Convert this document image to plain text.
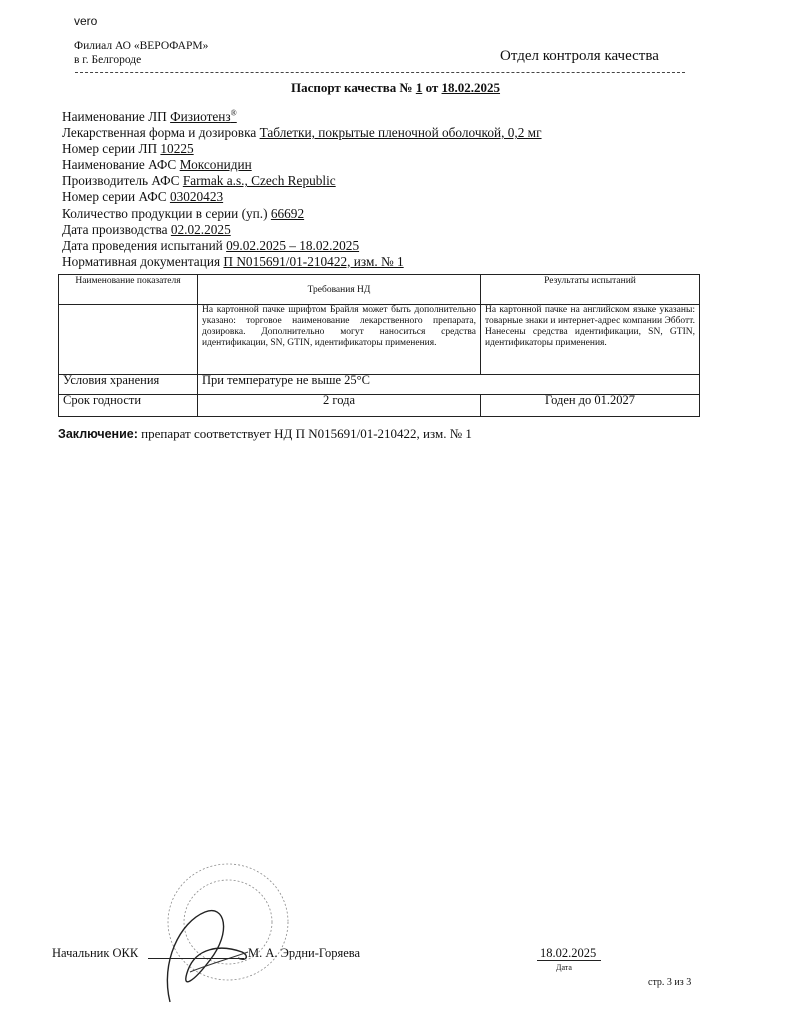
vero
Филиал АО «ВЕРОФАРМ»
в г. Белгороде	Отдел контроля качества
Паспорт качества № 1 от 18.02.2025
Наименование ЛП Физиотенз®
Лекарственная форма и дозировка Таблетки, покрытые пленочной оболочкой, 0,2 мг
Номер серии ЛП 10225
Наименование АФС Моксонидин
Производитель АФС Farmak a.s., Czech Republic
Номер серии АФС 03020423
Количество продукции в серии (уп.) 66692
Дата производства 02.02.2025
Дата проведения испытаний 09.02.2025 – 18.02.2025
Нормативная документация П N015691/01-210422, изм. № 1
Наименование показателя	Требования НД	Результаты испытаний
	На картонной пачке шрифтом Брайля может быть дополнительно указано: торговое наименование лекарственного препарата, дозировка. Дополнительно могут наноситься средства идентификации, SN, GTIN, идентификаторы применения.	На картонной пачке на английском языке указаны: товарные знаки и интернет-адрес компании Эбботт. Нанесены средства идентификации, SN, GTIN, идентификаторы применения.
Условия хранения	При температуре не выше 25°С	
Срок годности	2 года	Годен до 01.2027
Заключение: препарат соответствует НД П N015691/01-210422, изм. № 1
Начальник ОКК	М. А. Эрдни-Горяева	18.02.2025
Дата
стр. 3 из 3
